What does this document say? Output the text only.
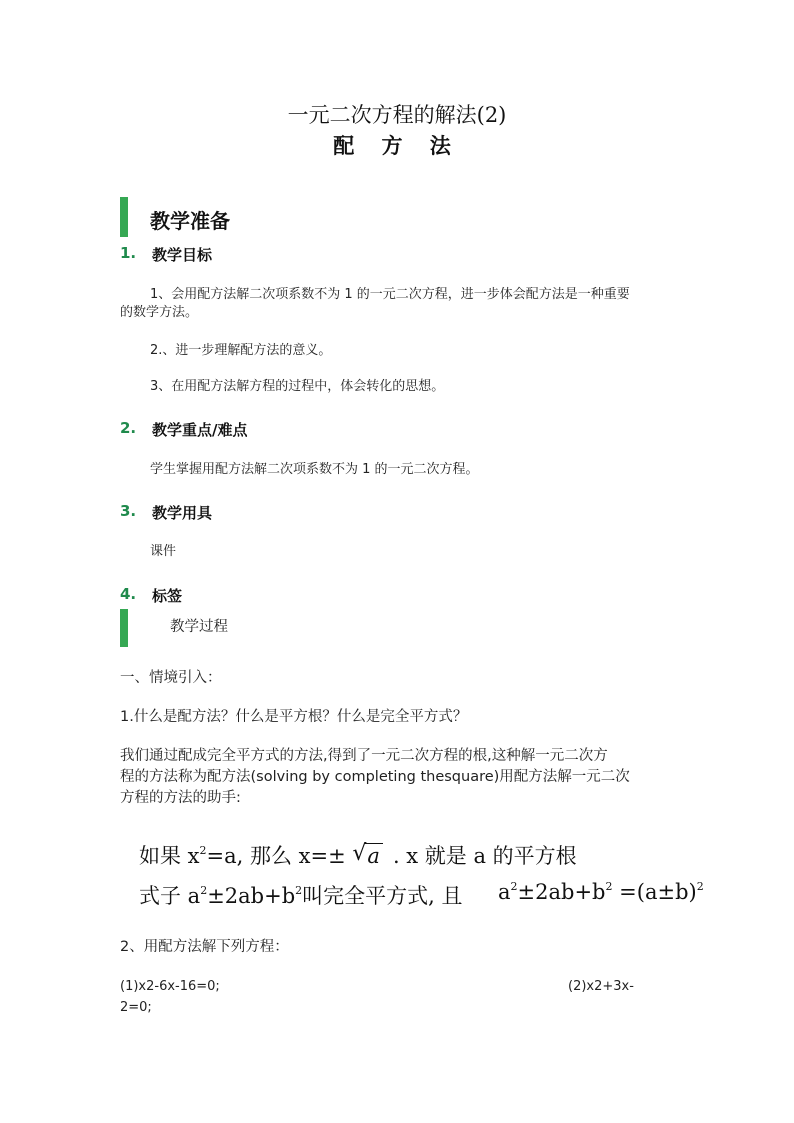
一元二次方程的解法(2)
配 方 法
教学准备
1. 教学目标
1、会用配方法解二次项系数不为 1 的一元二次方程，进一步体会配方法是一种重要
的数学方法。
2.、进一步理解配方法的意义。
3、在用配方法解方程的过程中，体会转化的思想。
2. 教学重点/难点
学生掌握用配方法解二次项系数不为 1 的一元二次方程。
3. 教学用具
课件
4. 标签
教学过程
一、情境引入：
1.什么是配方法？什么是平方根？什么是完全平方式？
我们通过配成完全平方式的方法,得到了一元二次方程的根,这种解一元二次方
程的方法称为配方法(solving by completing thesquare)用配方法解一元二次
方程的方法的助手:
如果 $x^2=a$, 那么 x=± √ a . x 就是 a 的平方根
式子 $a^2\pm 2ab+b^2$叫完全平方式, 且 $a^2\pm 2ab+b^2 =(a\pm b)^2$
2、用配方法解下列方程：
(1)x2-6x-16=0;	(2)x2+3x-
2=0;
